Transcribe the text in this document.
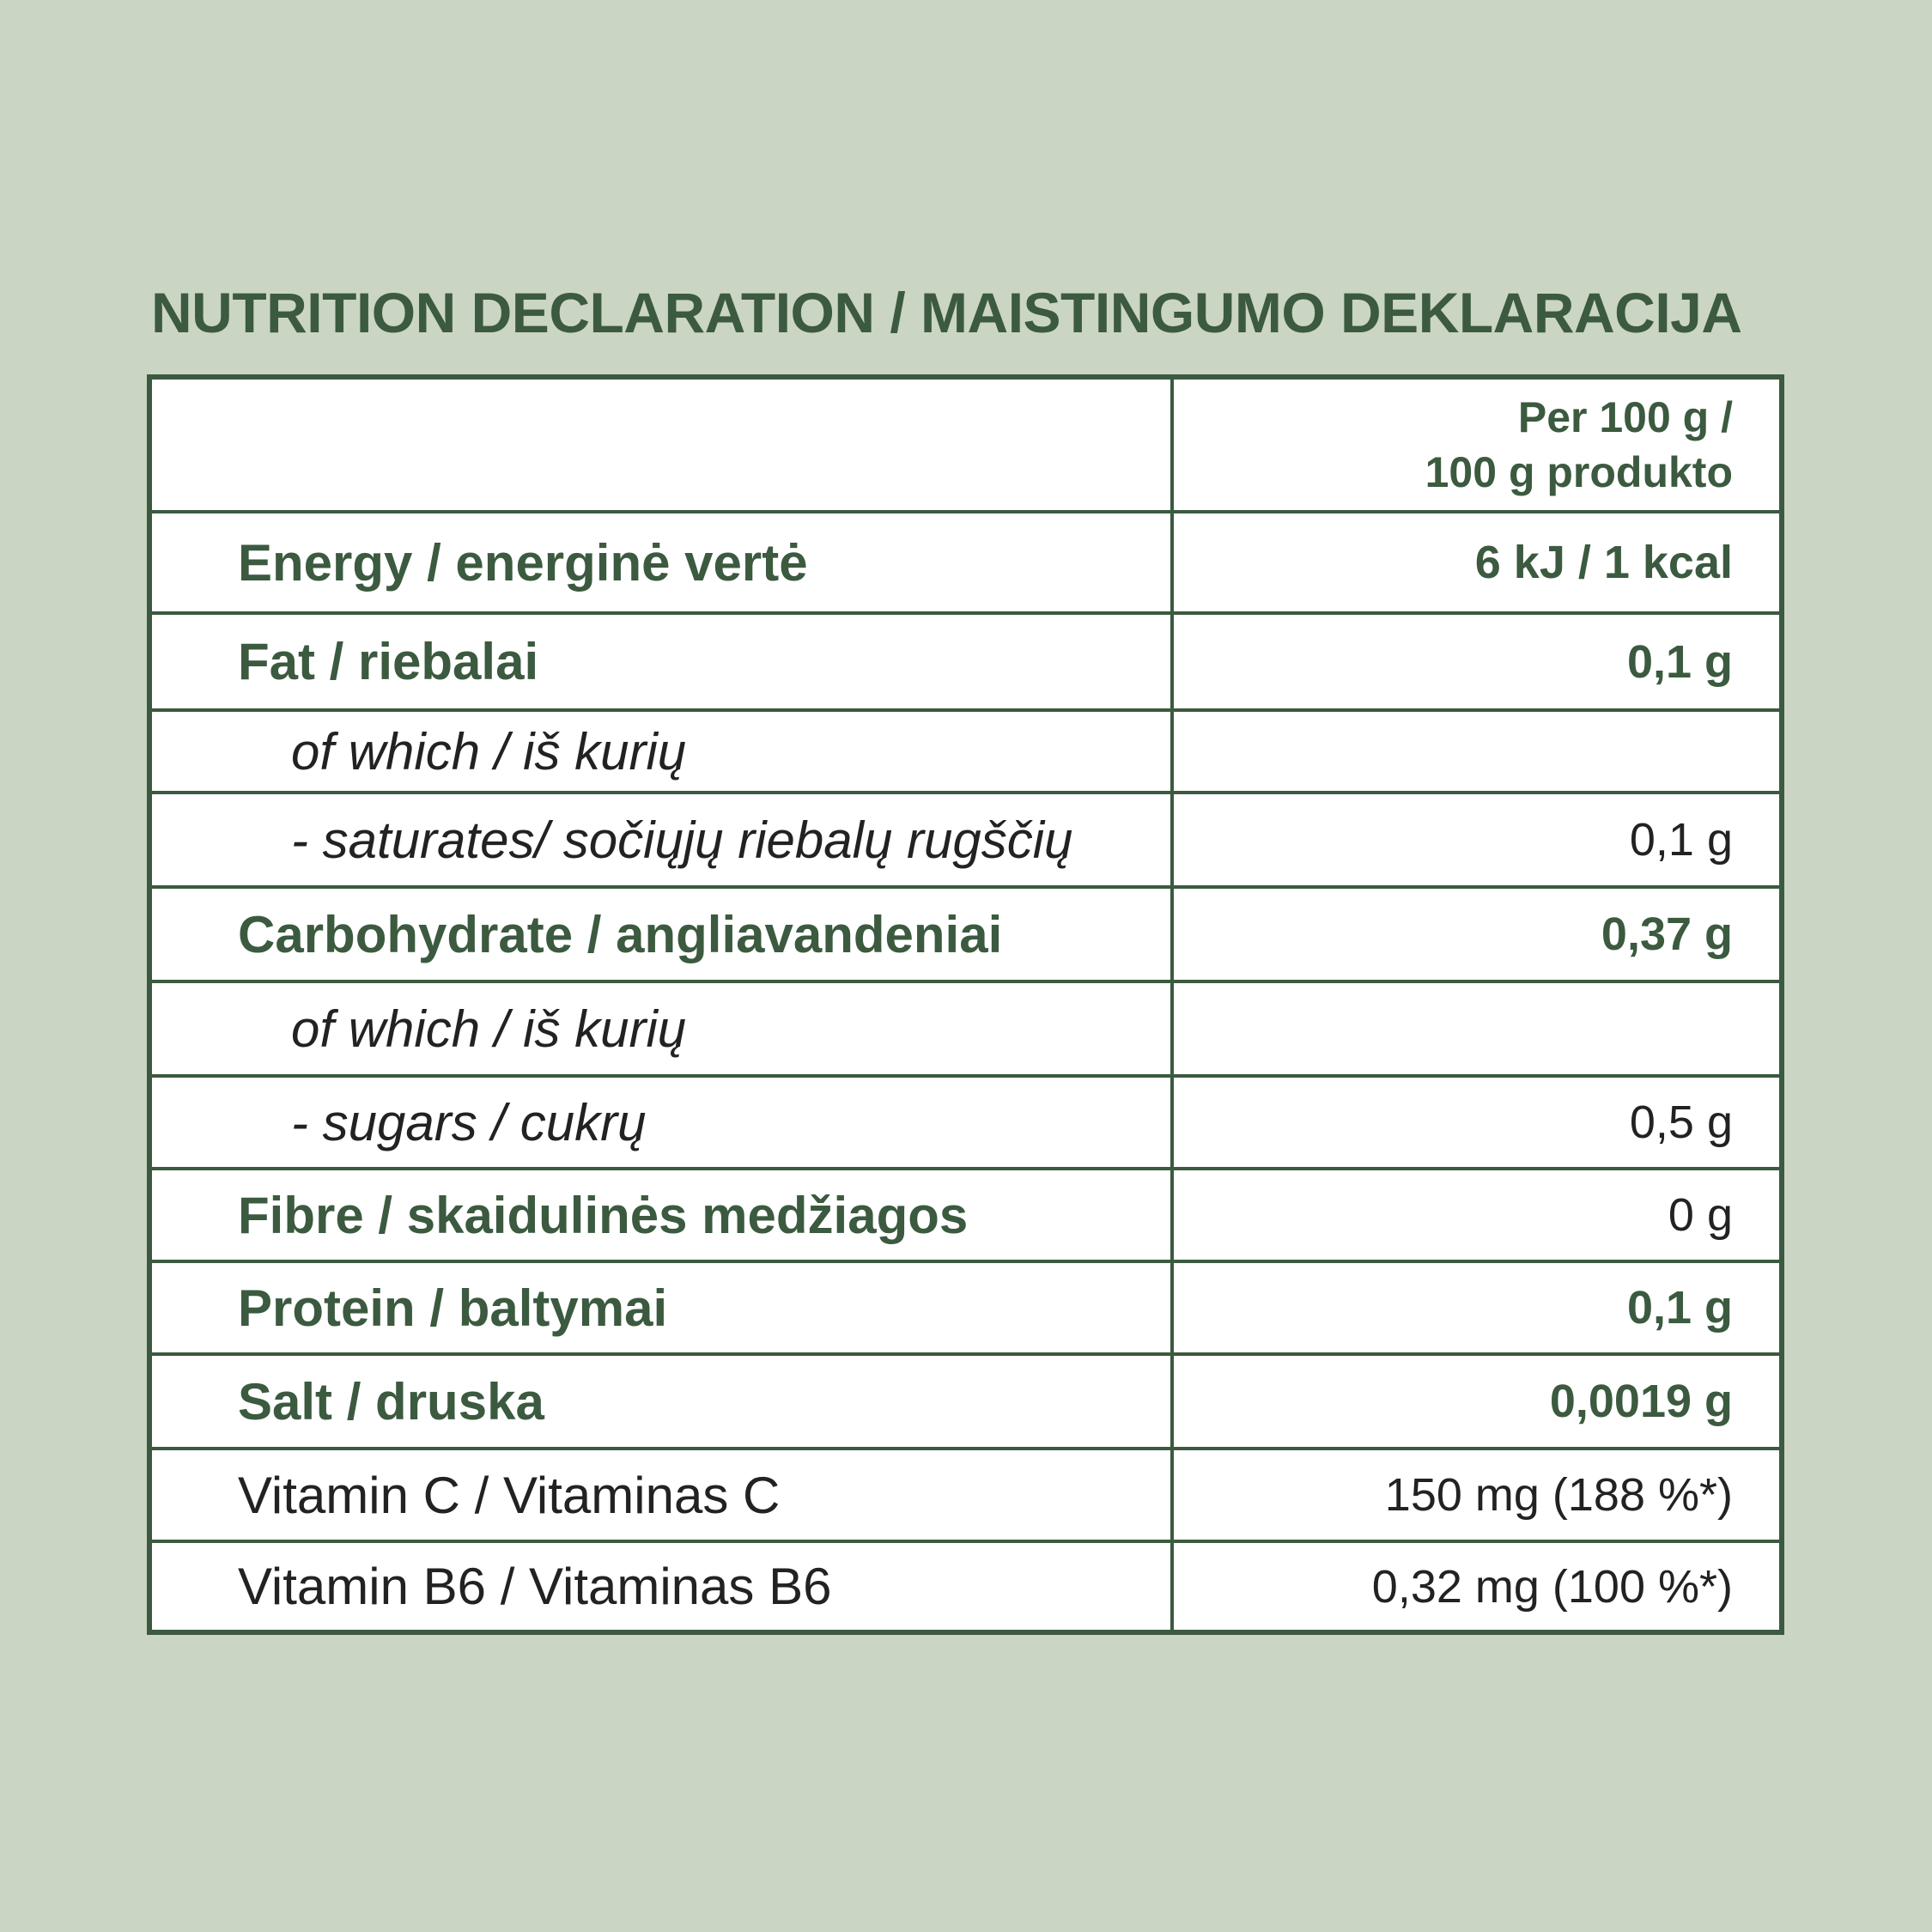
NUTRITION DECLARATION / MAISTINGUMO DEKLARACIJA
Per 100 g /
100 g produkto
Energy / energinė vertė	6 kJ / 1 kcal
Fat / riebalai	0,1 g
of which / iš kurių
- saturates/ sočiųjų riebalų rugščių	0,1 g
Carbohydrate / angliavandeniai	0,37 g
of which / iš kurių
- sugars / cukrų	0,5 g
Fibre / skaidulinės medžiagos	0 g
Protein / baltymai	0,1 g
Salt / druska	0,0019 g
Vitamin C / Vitaminas C	150 mg (188 %*)
Vitamin B6 / Vitaminas B6	0,32 mg (100 %*)
